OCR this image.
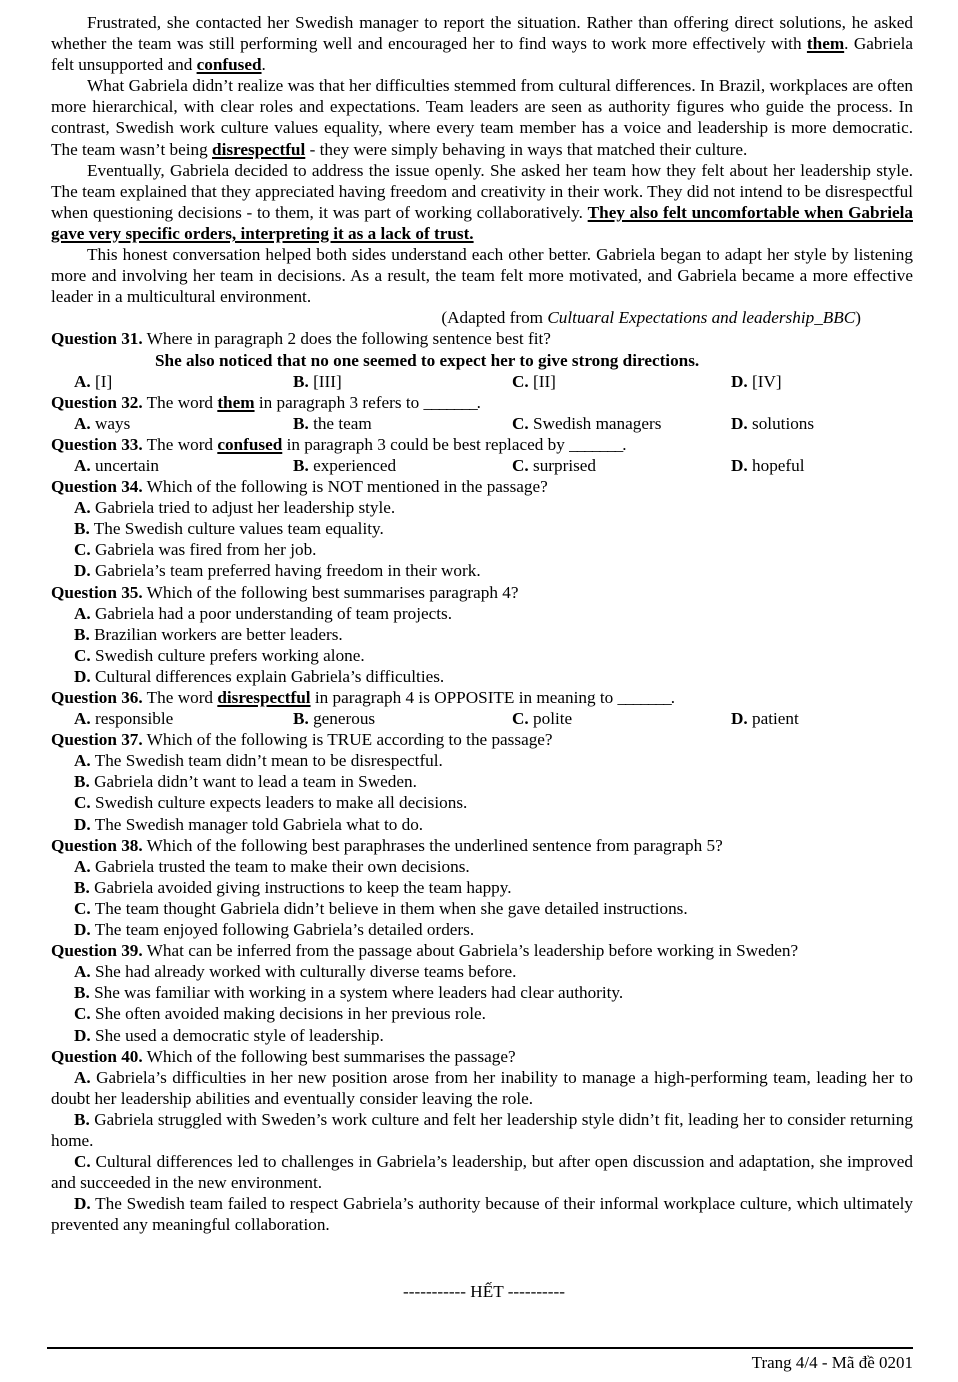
Frustrated, she contacted her Swedish manager to report the situation. Rather than offering direct solutions, he asked whether the team was still performing well and encouraged her to find ways to work more effectively with them. Gabriela felt unsupported and confused.

What Gabriela didn’t realize was that her difficulties stemmed from cultural differences. In Brazil, workplaces are often more hierarchical, with clear roles and expectations. Team leaders are seen as authority figures who guide the process. In contrast, Swedish work culture values equality, where every team member has a voice and leadership is more democratic. The team wasn’t being disrespectful - they were simply behaving in ways that matched their culture.

Eventually, Gabriela decided to address the issue openly. She asked her team how they felt about her leadership style. The team explained that they appreciated having freedom and creativity in their work. They did not intend to be disrespectful when questioning decisions - to them, it was part of working collaboratively. They also felt uncomfortable when Gabriela gave very specific orders, interpreting it as a lack of trust.

This honest conversation helped both sides understand each other better. Gabriela began to adapt her style by listening more and involving her team in decisions. As a result, the team felt more motivated, and Gabriela became a more effective leader in a multicultural environment.

(Adapted from Cultuaral Expectations and leadership_BBC)

Question 31. Where in paragraph 2 does the following sentence best fit?

She also noticed that no one seemed to expect her to give strong directions.

A. [I]	B. [III]	C. [II]	D. [IV]

Question 32. The word them in paragraph 3 refers to _______.

A. ways	B. the team	C. Swedish managers	D. solutions

Question 33. The word confused in paragraph 3 could be best replaced by _______.

A. uncertain	B. experienced	C. surprised	D. hopeful

Question 34. Which of the following is NOT mentioned in the passage?

A. Gabriela tried to adjust her leadership style.

B. The Swedish culture values team equality.

C. Gabriela was fired from her job.

D. Gabriela’s team preferred having freedom in their work.

Question 35. Which of the following best summarises paragraph 4?

A. Gabriela had a poor understanding of team projects.

B. Brazilian workers are better leaders.

C. Swedish culture prefers working alone.

D. Cultural differences explain Gabriela’s difficulties.

Question 36. The word disrespectful in paragraph 4 is OPPOSITE in meaning to _______.

A. responsible	B. generous	C. polite	D. patient

Question 37. Which of the following is TRUE according to the passage?

A. The Swedish team didn’t mean to be disrespectful.

B. Gabriela didn’t want to lead a team in Sweden.

C. Swedish culture expects leaders to make all decisions.

D. The Swedish manager told Gabriela what to do.

Question 38. Which of the following best paraphrases the underlined sentence from paragraph 5?

A. Gabriela trusted the team to make their own decisions.

B. Gabriela avoided giving instructions to keep the team happy.

C. The team thought Gabriela didn’t believe in them when she gave detailed instructions.

D. The team enjoyed following Gabriela’s detailed orders.

Question 39. What can be inferred from the passage about Gabriela’s leadership before working in Sweden?

A. She had already worked with culturally diverse teams before.

B. She was familiar with working in a system where leaders had clear authority.

C. She often avoided making decisions in her previous role.

D. She used a democratic style of leadership.

Question 40. Which of the following best summarises the passage?

A. Gabriela’s difficulties in her new position arose from her inability to manage a high-performing team, leading her to doubt her leadership abilities and eventually consider leaving the role.

B. Gabriela struggled with Sweden’s work culture and felt her leadership style didn’t fit, leading her to consider returning home.

C. Cultural differences led to challenges in Gabriela’s leadership, but after open discussion and adaptation, she improved and succeeded in the new environment.

D. The Swedish team failed to respect Gabriela’s authority because of their informal workplace culture, which ultimately prevented any meaningful collaboration.

----------- HẾT ----------
Trang 4/4 - Mã đề 0201
